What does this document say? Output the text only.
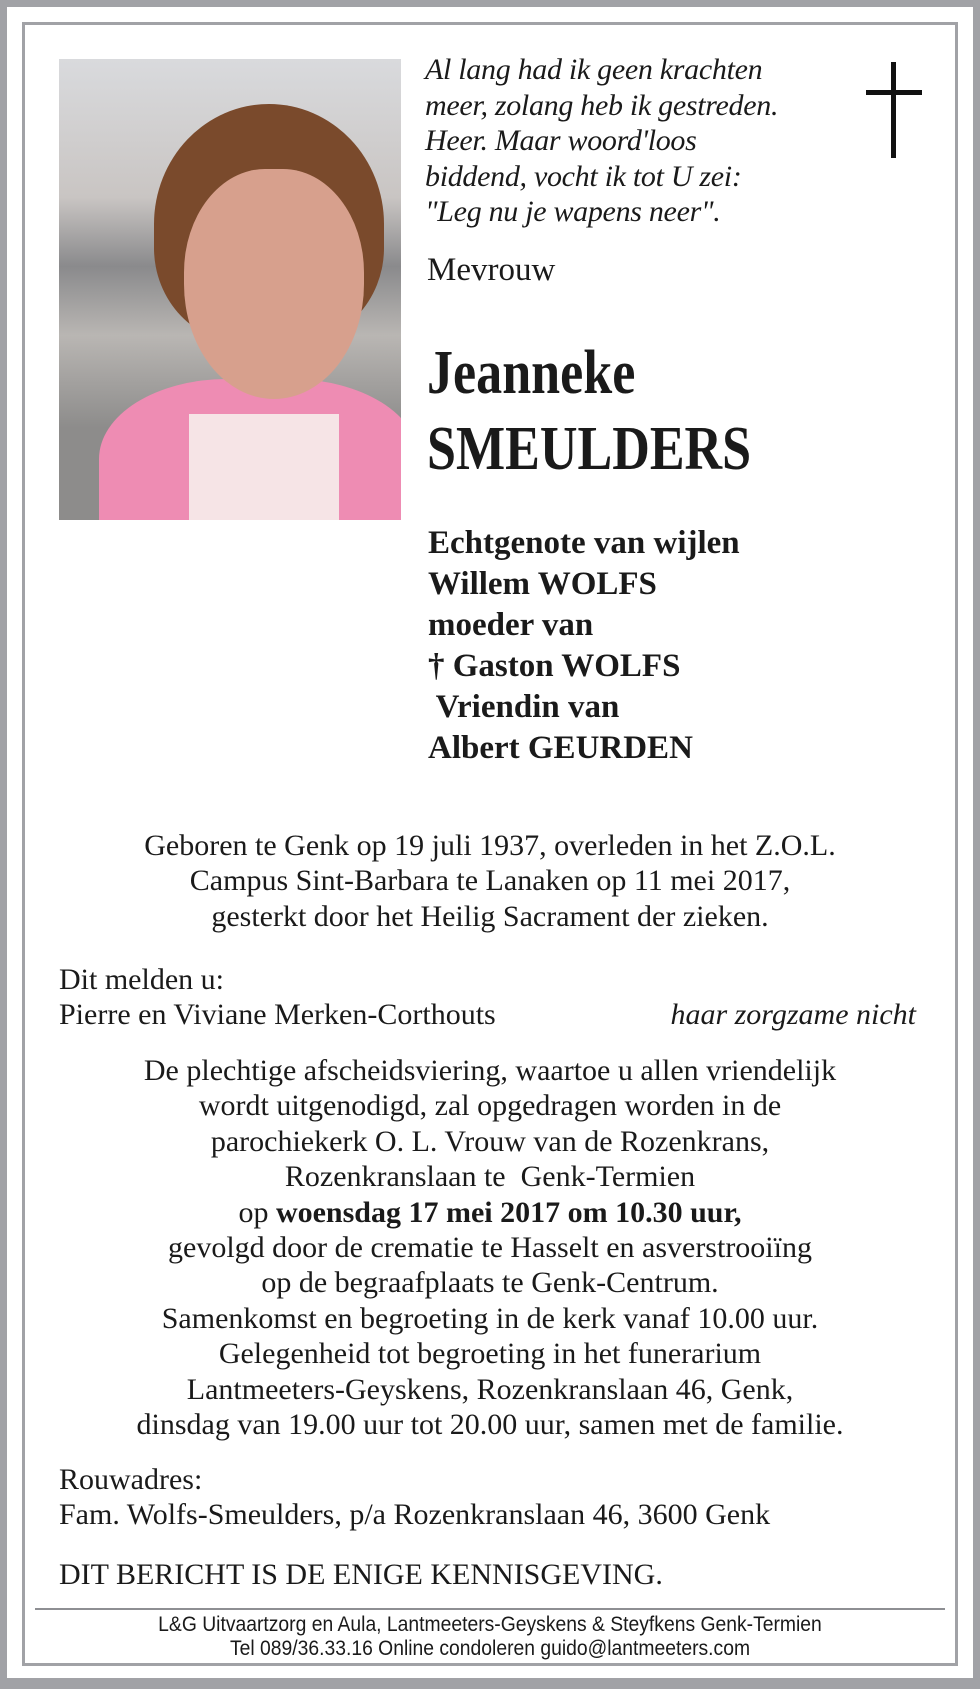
Al lang had ik geen krachten
meer, zolang heb ik gestreden.
Heer. Maar woord'loos
biddend, vocht ik tot U zei:
"Leg nu je wapens neer".
Mevrouw
Jeanneke
SMEULDERS
Echtgenote van wijlen
Willem WOLFS
moeder van
† Gaston WOLFS
Vriendin van
Albert GEURDEN
Geboren te Genk op 19 juli 1937, overleden in het Z.O.L.
Campus Sint-Barbara te Lanaken op 11 mei 2017,
gesterkt door het Heilig Sacrament der zieken.
Dit melden u:
Pierre en Viviane Merken-Corthouts	haar zorgzame nicht
De plechtige afscheidsviering, waartoe u allen vriendelijk
wordt uitgenodigd, zal opgedragen worden in de
parochiekerk O. L. Vrouw van de Rozenkrans,
Rozenkranslaan te  Genk-Termien
op woensdag 17 mei 2017 om 10.30 uur,
gevolgd door de crematie te Hasselt en asverstrooiïng
op de begraafplaats te Genk-Centrum.
Samenkomst en begroeting in de kerk vanaf 10.00 uur.
Gelegenheid tot begroeting in het funerarium
Lantmeeters-Geyskens, Rozenkranslaan 46, Genk,
dinsdag van 19.00 uur tot 20.00 uur, samen met de familie.
Rouwadres:
Fam. Wolfs-Smeulders, p/a Rozenkranslaan 46, 3600 Genk
DIT BERICHT IS DE ENIGE KENNISGEVING.
L&G Uitvaartzorg en Aula, Lantmeeters-Geyskens & Steyfkens Genk-Termien
Tel 089/36.33.16 Online condoleren guido@lantmeeters.com
